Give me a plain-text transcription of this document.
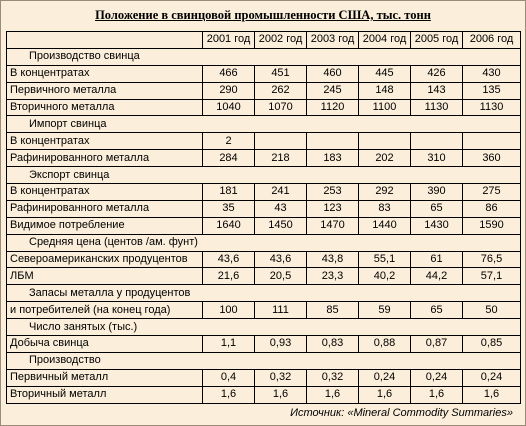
Положение в свинцовой промышленности США, тыс. тонн
	2001 год	2002 год	2003 год	2004 год	2005 год	2006 год
Производство свинца						
В концентратах	466	451	460	445	426	430
Первичного металла	290	262	245	148	143	135
Вторичного металла	1040	1070	1120	1100	1130	1130
Импорт свинца						
В концентратах	2					
Рафинированного металла	284	218	183	202	310	360
Экспорт свинца						
В концентратах	181	241	253	292	390	275
Рафинированного металла	35	43	123	83	65	86
Видимое потребление	1640	1450	1470	1440	1430	1590
Средняя цена (центов /ам. фунт)						
Североамериканских продуцентов	43,6	43,6	43,8	55,1	61	76,5
ЛБМ	21,6	20,5	23,3	40,2	44,2	57,1
Запасы металла у продуцентов						
и потребителей (на конец года)	100	111	85	59	65	50
Число занятых (тыс.)						
Добыча свинца	1,1	0,93	0,83	0,88	0,87	0,85
Производство						
Первичный металл	0,4	0,32	0,32	0,24	0,24	0,24
Вторичный металл	1,6	1,6	1,6	1,6	1,6	1,6
Источник: «Mineral Commodity Summaries»
